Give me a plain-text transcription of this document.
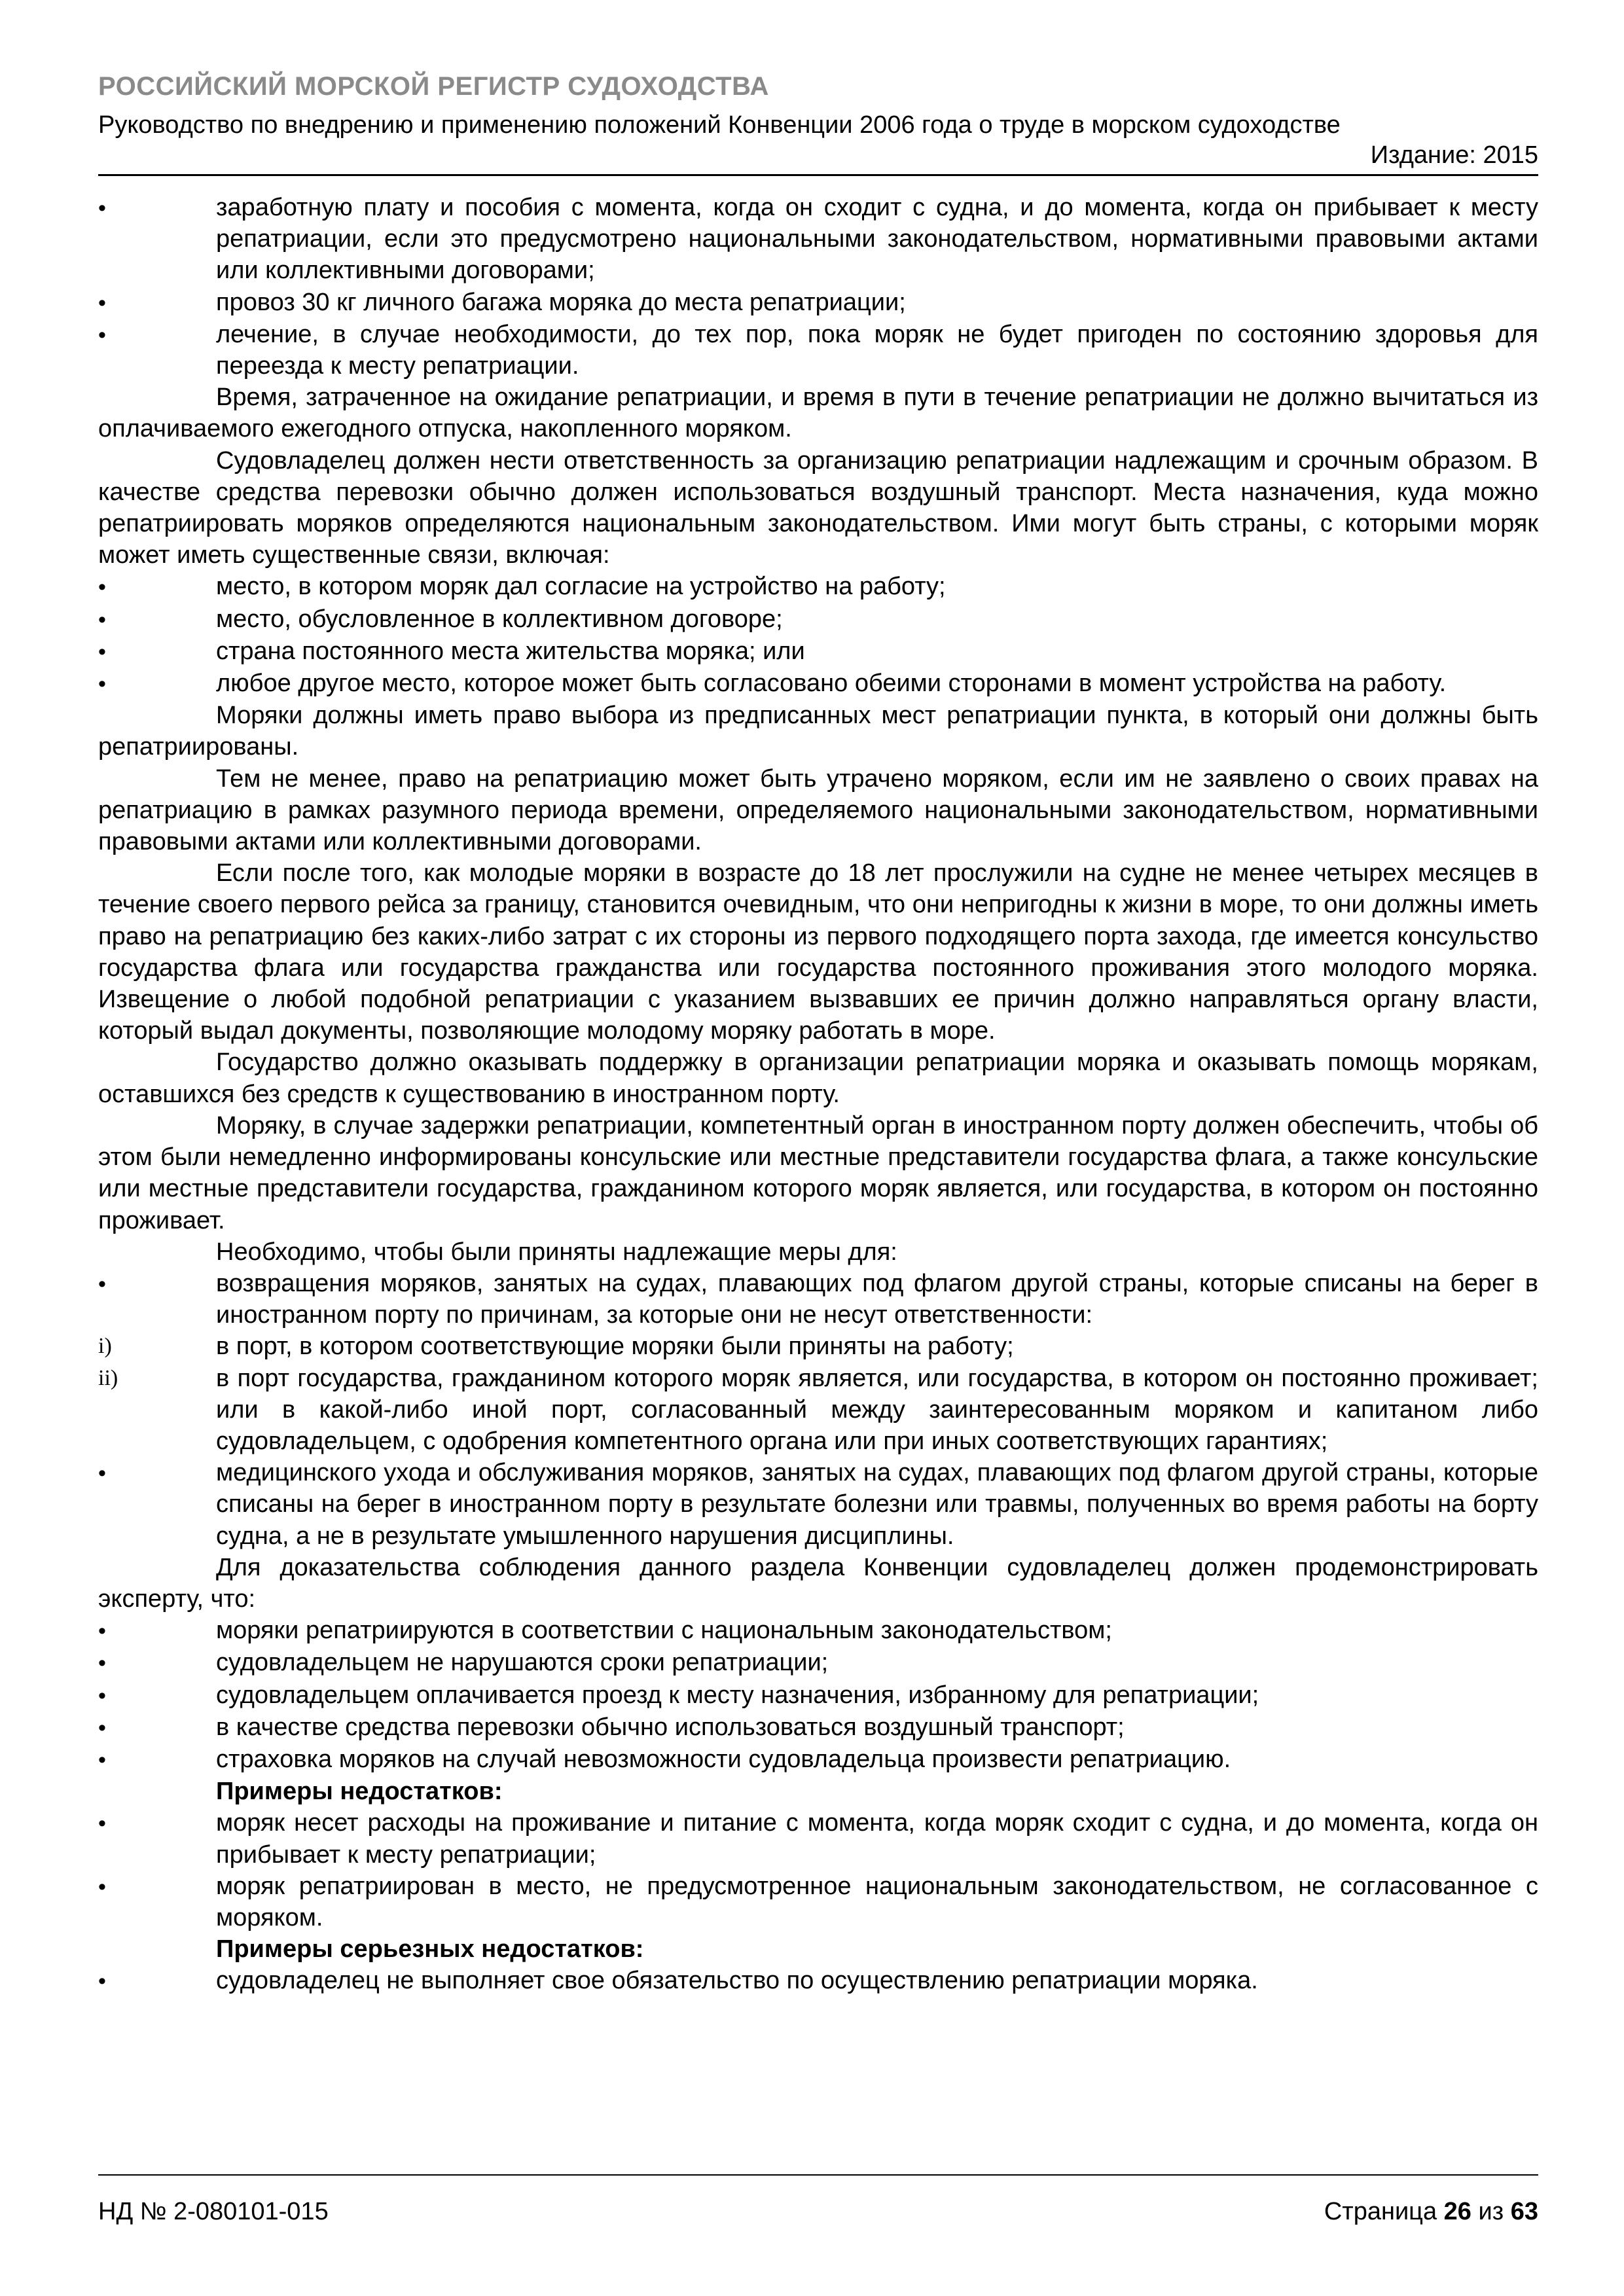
РОССИЙСКИЙ МОРСКОЙ РЕГИСТР СУДОХОДСТВА
Руководство по внедрению и применению положений Конвенции 2006 года о труде в морском судоходстве
Издание: 2015
•	заработную плату и пособия с момента, когда он сходит с судна, и до момента, когда он прибывает к месту репатриации, если это предусмотрено национальными законодательством, нормативными правовыми актами или коллективными договорами;
•	провоз 30 кг личного багажа моряка до места репатриации;
•	лечение, в случае необходимости, до тех пор, пока моряк не будет пригоден по состоянию здоровья для переезда к месту репатриации.

Время, затраченное на ожидание репатриации, и время в пути в течение репатриации не должно вычитаться из оплачиваемого ежегодного отпуска, накопленного моряком.

Судовладелец должен нести ответственность за организацию репатриации надлежащим и срочным образом. В качестве средства перевозки обычно должен использоваться воздушный транспорт. Места назначения, куда можно репатриировать моряков определяются национальным законодательством. Ими могут быть страны, с которыми моряк может иметь существенные связи, включая:

•	место, в котором моряк дал согласие на устройство на работу;
•	место, обусловленное в коллективном договоре;
•	страна постоянного места жительства моряка; или
•	любое другое место, которое может быть согласовано обеими сторонами в момент устройства на работу.

Моряки должны иметь право выбора из предписанных мест репатриации пункта, в который они должны быть репатриированы.

Тем не менее, право на репатриацию может быть утрачено моряком, если им не заявлено о своих правах на репатриацию в рамках разумного периода времени, определяемого национальными законодательством, нормативными правовыми актами или коллективными договорами.

Если после того, как молодые моряки в возрасте до 18 лет прослужили на судне не менее четырех месяцев в течение своего первого рейса за границу, становится очевидным, что они непригодны к жизни в море, то они должны иметь право на репатриацию без каких-либо затрат с их стороны из первого подходящего порта захода, где имеется консульство государства флага или государства гражданства или государства постоянного проживания этого молодого моряка. Извещение о любой подобной репатриации с указанием вызвавших ее причин должно направляться органу власти, который выдал документы, позволяющие молодому моряку работать в море.

Государство должно оказывать поддержку в организации репатриации моряка и оказывать помощь морякам, оставшихся без средств к существованию в иностранном порту.

Моряку, в случае задержки репатриации, компетентный орган в иностранном порту должен обеспечить, чтобы об этом были немедленно информированы консульские или местные представители государства флага, а также консульские или местные представители государства, гражданином которого моряк является, или государства, в котором он постоянно проживает.

Необходимо, чтобы были приняты надлежащие меры для:

•	возвращения моряков, занятых на судах, плавающих под флагом другой страны, которые списаны на берег в иностранном порту по причинам, за которые они не несут ответственности:
i)	в порт, в котором соответствующие моряки были приняты на работу;
ii)	в порт государства, гражданином которого моряк является, или государства, в котором он постоянно проживает; или в какой-либо иной порт, согласованный между заинтересованным моряком и капитаном либо судовладельцем, с одобрения компетентного органа или при иных соответствующих гарантиях;
•	медицинского ухода и обслуживания моряков, занятых на судах, плавающих под флагом другой страны, которые списаны на берег в иностранном порту в результате болезни или травмы, полученных во время работы на борту судна, а не в результате умышленного нарушения дисциплины.

Для доказательства соблюдения данного раздела Конвенции судовладелец должен продемонстрировать эксперту, что:

•	моряки репатриируются в соответствии с национальным законодательством;
•	судовладельцем не нарушаются сроки репатриации;
•	судовладельцем оплачивается проезд к месту назначения, избранному для репатриации;
•	в качестве средства перевозки обычно использоваться воздушный транспорт;
•	страховка моряков на случай невозможности судовладельца произвести репатриацию.

Примеры недостатков:

•	моряк несет расходы на проживание и питание с момента, когда моряк сходит с судна, и до момента, когда он прибывает к месту репатриации;
•	моряк репатриирован в место, не предусмотренное национальным законодательством, не согласованное с моряком.

Примеры серьезных недостатков:

•	судовладелец не выполняет свое обязательство по осуществлению репатриации моряка.
НД № 2-080101-015	Страница 26 из 63
